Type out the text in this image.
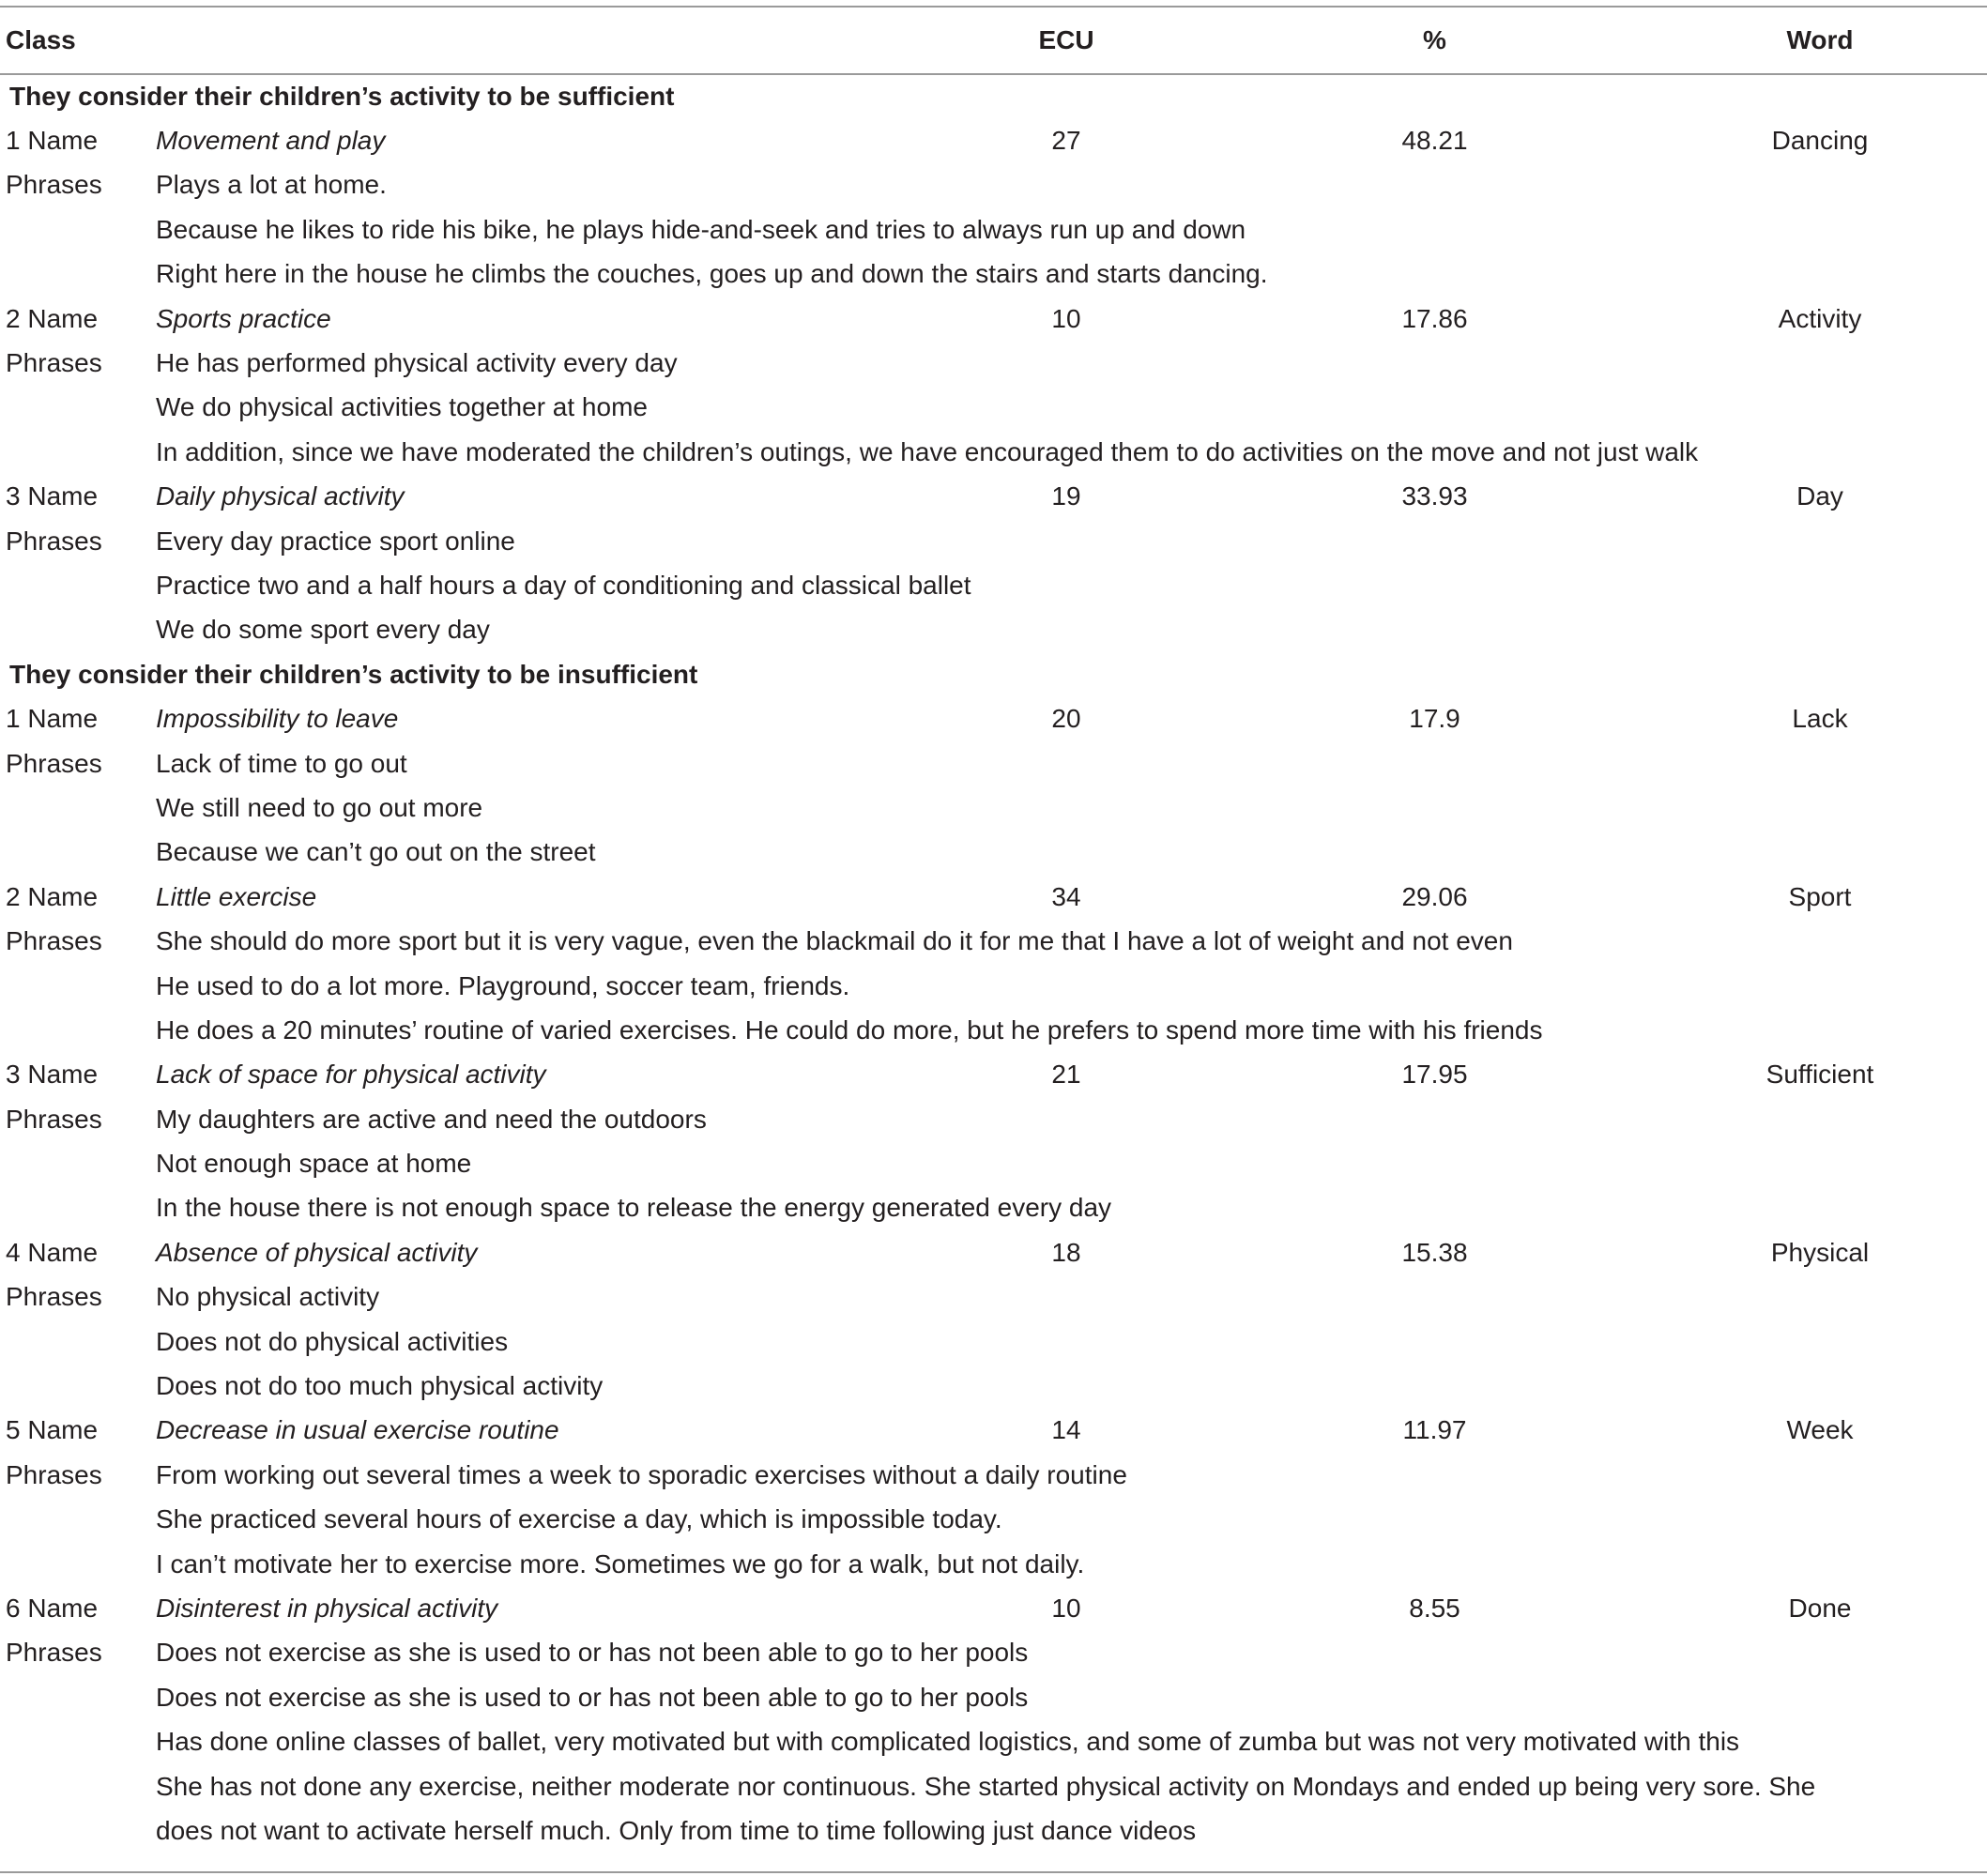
Class		ECU	%	Word
They consider their children’s activity to be sufficient				
1 Name	Movement and play	27	48.21	Dancing
Phrases	Plays a lot at home.			
	Because he likes to ride his bike, he plays hide-and-seek and tries to always run up and down			
	Right here in the house he climbs the couches, goes up and down the stairs and starts dancing.			
2 Name	Sports practice	10	17.86	Activity
Phrases	He has performed physical activity every day			
	We do physical activities together at home			
	In addition, since we have moderated the children’s outings, we have encouraged them to do activities on the move and not just walk			
3 Name	Daily physical activity	19	33.93	Day
Phrases	Every day practice sport online			
	Practice two and a half hours a day of conditioning and classical ballet			
	We do some sport every day			
They consider their children’s activity to be insufficient				
1 Name	Impossibility to leave	20	17.9	Lack
Phrases	Lack of time to go out			
	We still need to go out more			
	Because we can’t go out on the street			
2 Name	Little exercise	34	29.06	Sport
Phrases	She should do more sport but it is very vague, even the blackmail do it for me that I have a lot of weight and not even			
	He used to do a lot more. Playground, soccer team, friends.			
	He does a 20 minutes’ routine of varied exercises. He could do more, but he prefers to spend more time with his friends			
3 Name	Lack of space for physical activity	21	17.95	Sufficient
Phrases	My daughters are active and need the outdoors			
	Not enough space at home			
	In the house there is not enough space to release the energy generated every day			
4 Name	Absence of physical activity	18	15.38	Physical
Phrases	No physical activity			
	Does not do physical activities			
	Does not do too much physical activity			
5 Name	Decrease in usual exercise routine	14	11.97	Week
Phrases	From working out several times a week to sporadic exercises without a daily routine			
	She practiced several hours of exercise a day, which is impossible today.			
	I can’t motivate her to exercise more. Sometimes we go for a walk, but not daily.			
6 Name	Disinterest in physical activity	10	8.55	Done
Phrases	Does not exercise as she is used to or has not been able to go to her pools			
	Does not exercise as she is used to or has not been able to go to her pools			
	Has done online classes of ballet, very motivated but with complicated logistics, and some of zumba but was not very motivated with this			

	She has not done any exercise, neither moderate nor continuous. She started physical activity on Mondays and ended up being very sore. She does not want to activate herself much. Only from time to time following just dance videos			
